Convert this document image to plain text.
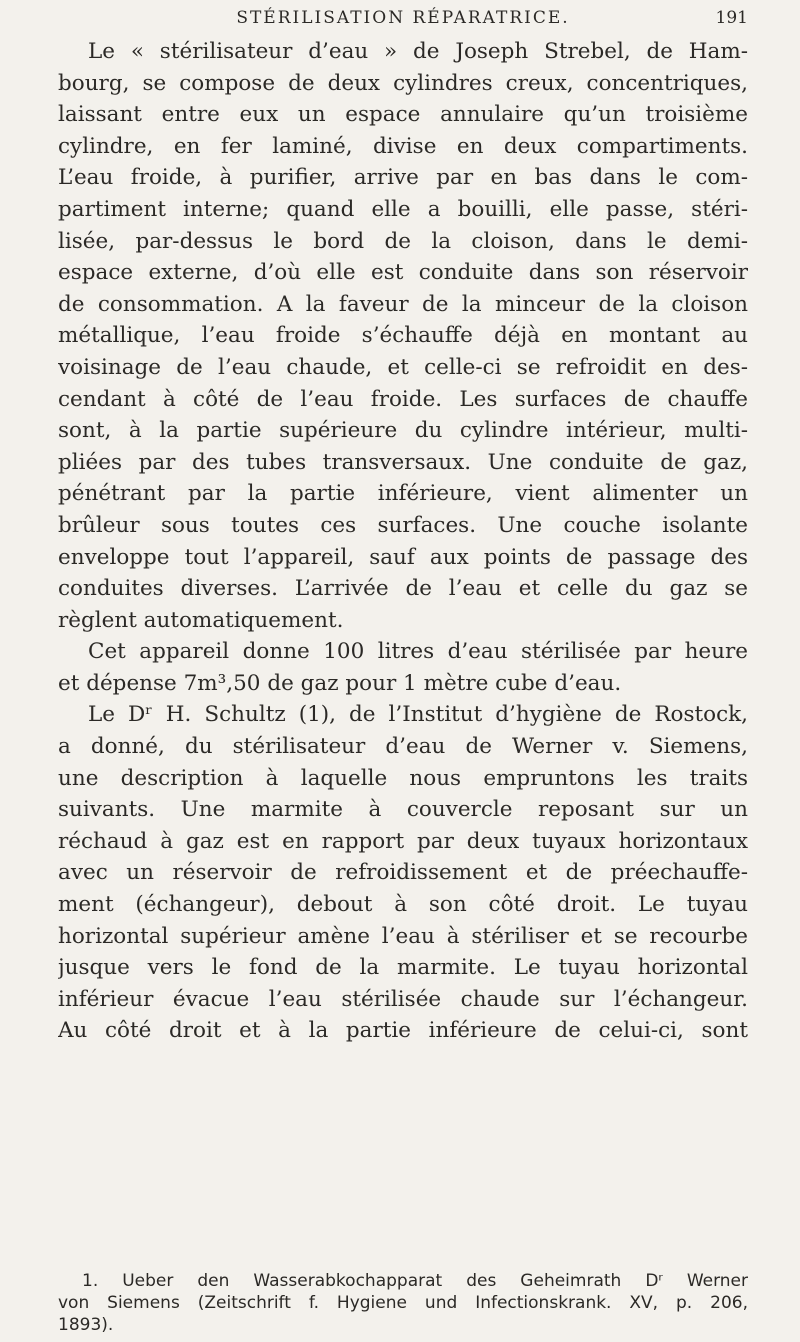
STÉRILISATION RÉPARATRICE.	191
Le « stérilisateur d’eau » de Joseph Strebel, de Ham-
bourg, se compose de deux cylindres creux, concentriques,
laissant entre eux un espace annulaire qu’un troisième
cylindre, en fer laminé, divise en deux compartiments.
L’eau froide, à purifier, arrive par en bas dans le com-
partiment interne; quand elle a bouilli, elle passe, stéri-
lisée, par-dessus le bord de la cloison, dans le demi-
espace externe, d’où elle est conduite dans son réservoir
de consommation. A la faveur de la minceur de la cloison
métallique, l’eau froide s’échauffe déjà en montant au
voisinage de l’eau chaude, et celle-ci se refroidit en des-
cendant à côté de l’eau froide. Les surfaces de chauffe
sont, à la partie supérieure du cylindre intérieur, multi-
pliées par des tubes transversaux. Une conduite de gaz,
pénétrant par la partie inférieure, vient alimenter un
brûleur sous toutes ces surfaces. Une couche isolante
enveloppe tout l’appareil, sauf aux points de passage des
conduites diverses. L’arrivée de l’eau et celle du gaz se
règlent automatiquement.
Cet appareil donne 100 litres d’eau stérilisée par heure
et dépense 7m³,50 de gaz pour 1 mètre cube d’eau.
Le Dʳ H. Schultz (1), de l’Institut d’hygiène de Rostock,
a donné, du stérilisateur d’eau de Werner v. Siemens,
une description à laquelle nous empruntons les traits
suivants. Une marmite à couvercle reposant sur un
réchaud à gaz est en rapport par deux tuyaux horizontaux
avec un réservoir de refroidissement et de préechauffe-
ment (échangeur), debout à son côté droit. Le tuyau
horizontal supérieur amène l’eau à stériliser et se recourbe
jusque vers le fond de la marmite. Le tuyau horizontal
inférieur évacue l’eau stérilisée chaude sur l’échangeur.
Au côté droit et à la partie inférieure de celui-ci, sont
1. Ueber den Wasserabkochapparat des Geheimrath Dʳ Werner
von Siemens (Zeitschrift f. Hygiene und Infectionskrank. XV, p. 206,
1893).
